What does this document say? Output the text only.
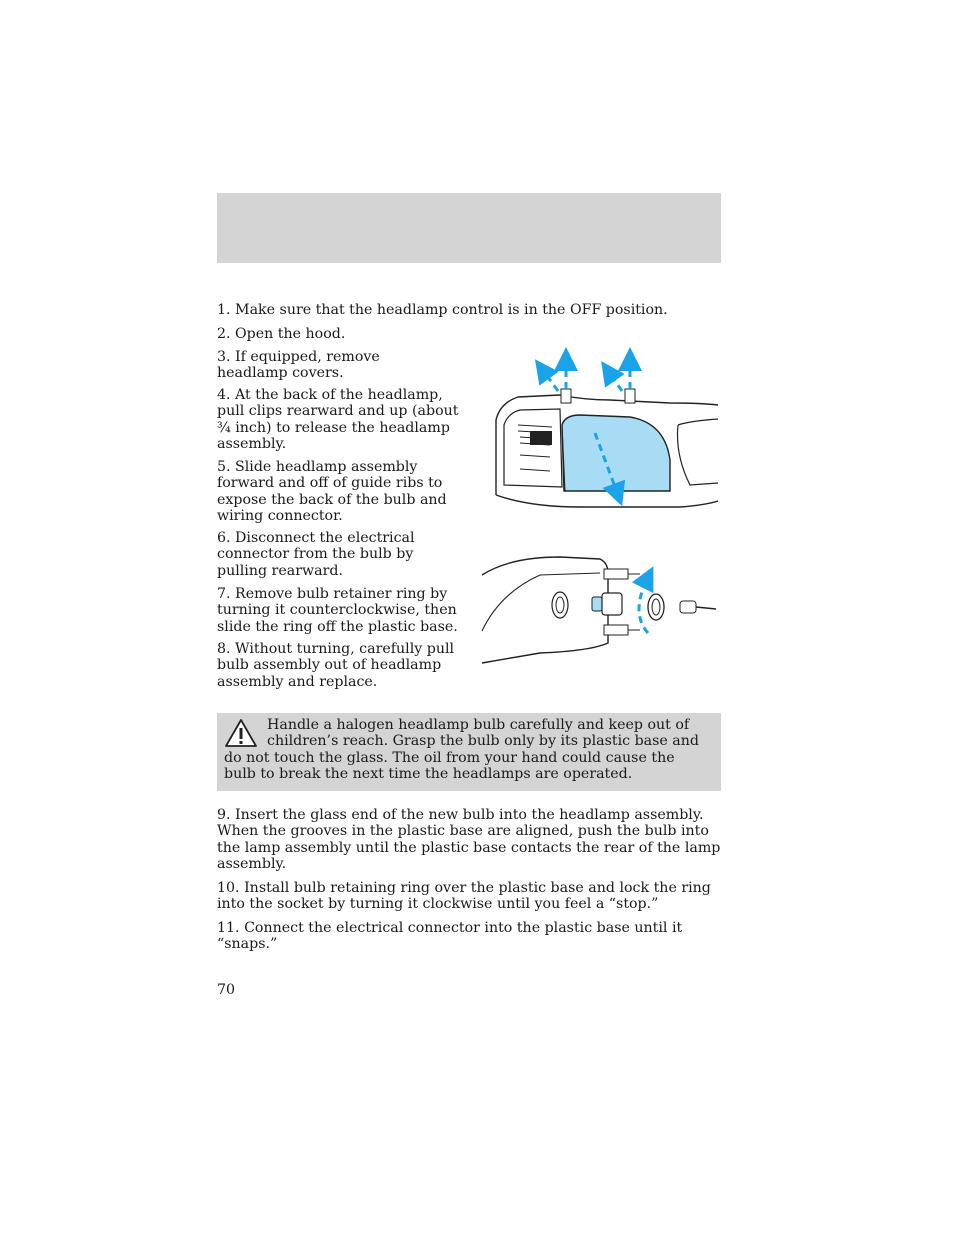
1. Make sure that the headlamp control is in the OFF position.

2. Open the hood.

3. If equipped, remove headlamp covers.

4. At the back of the headlamp, pull clips rearward and up (about ¾ inch) to release the headlamp assembly.

5. Slide headlamp assembly forward and off of guide ribs to expose the back of the bulb and wiring connector.

6. Disconnect the electrical connector from the bulb by pulling rearward.

7. Remove bulb retainer ring by turning it counterclockwise, then slide the ring off the plastic base.

8. Without turning, carefully pull bulb assembly out of headlamp assembly and replace.

Handle a halogen headlamp bulb carefully and keep out of children’s reach. Grasp the bulb only by its plastic base and do not touch the glass. The oil from your hand could cause the bulb to break the next time the headlamps are operated.

9. Insert the glass end of the new bulb into the headlamp assembly. When the grooves in the plastic base are aligned, push the bulb into the lamp assembly until the plastic base contacts the rear of the lamp assembly.

10. Install bulb retaining ring over the plastic base and lock the ring into the socket by turning it clockwise until you feel a “stop.”

11. Connect the electrical connector into the plastic base until it “snaps.”

70
